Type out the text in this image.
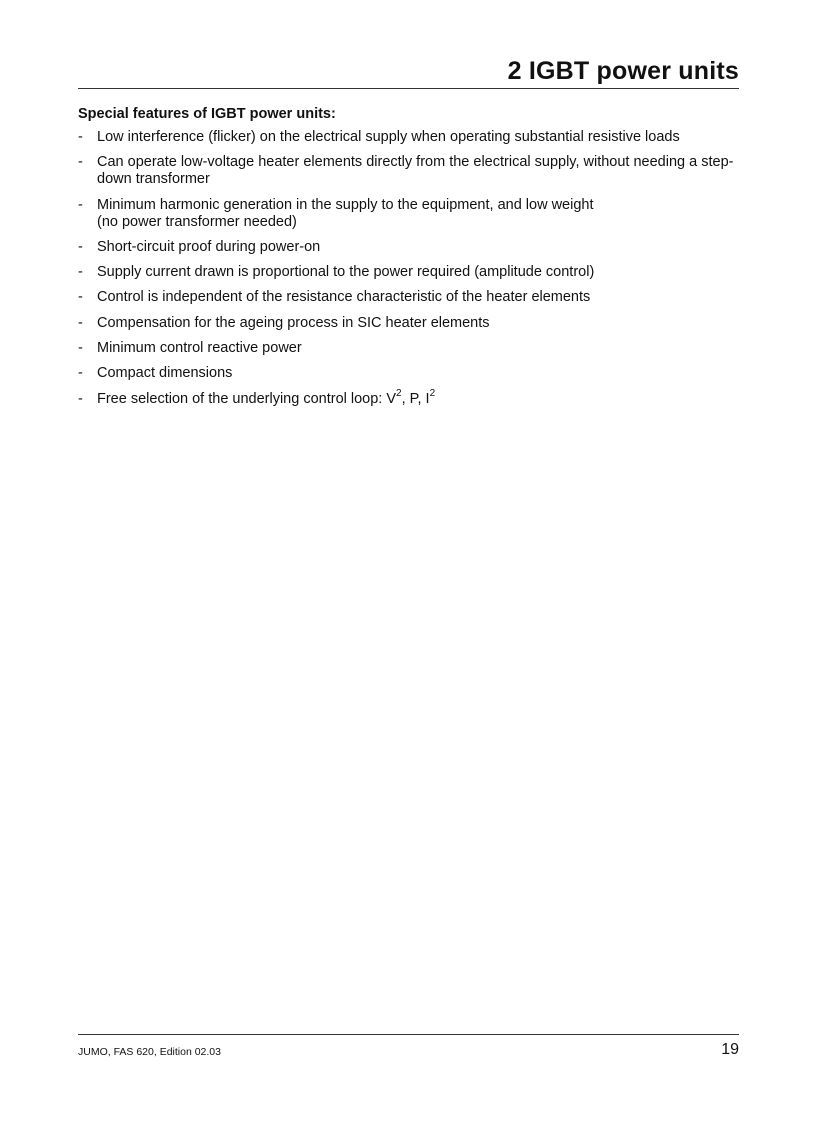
2 IGBT power units
Special features of IGBT power units:
- Low interference (flicker) on the electrical supply when operating substantial resistive loads
- Can operate low-voltage heater elements directly from the electrical supply, without needing a step-down transformer
- Minimum harmonic generation in the supply to the equipment, and low weight
(no power transformer needed)
- Short-circuit proof during power-on
- Supply current drawn is proportional to the power required (amplitude control)
- Control is independent of the resistance characteristic of the heater elements
- Compensation for the ageing process in SIC heater elements
- Minimum control reactive power
- Compact dimensions
- Free selection of the underlying control loop: $V^2$, P, $I^2$
JUMO, FAS 620, Edition 02.03	19
